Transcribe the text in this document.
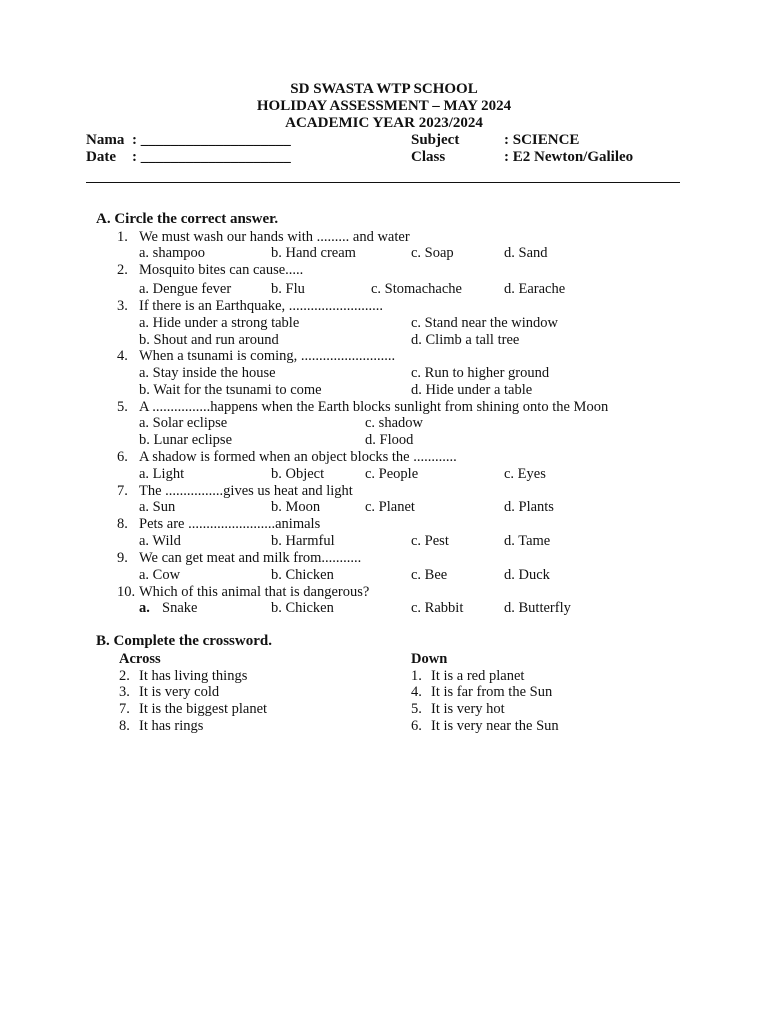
SD SWASTA WTP SCHOOL
HOLIDAY ASSESSMENT – MAY 2024
ACADEMIC YEAR 2023/2024
Nama : ____________________
Date : ____________________
Subject	: SCIENCE
Class	: E2 Newton/Galileo
A. Circle the correct answer.
1. We must wash our hands with ......... and water
a. shampoo	b. Hand cream	c. Soap	d. Sand
2. Mosquito bites can cause.....
a. Dengue fever	b. Flu	c. Stomachache	d. Earache
3. If there is an Earthquake, ..........................
a. Hide under a strong table	c. Stand near the window
b. Shout and run around	d. Climb a tall tree
4. When a tsunami is coming, ..........................
a. Stay inside the house	c. Run to higher ground
b. Wait for the tsunami to come	d. Hide under a table
5. A ................happens when the Earth blocks sunlight from shining onto the Moon
a. Solar eclipse	c. shadow
b. Lunar eclipse	d. Flood
6. A shadow is formed when an object blocks the ............
a. Light	b. Object	c. People	c. Eyes
7. The ................gives us heat and light
a. Sun	b. Moon	c. Planet	d. Plants
8. Pets are ........................animals
a. Wild	b. Harmful	c. Pest	d. Tame
9. We can get meat and milk from...........
a. Cow	b. Chicken	c. Bee	d. Duck
10. Which of this animal that is dangerous?
a. Snake	b. Chicken	c. Rabbit	d. Butterfly
B. Complete the crossword.
Across	Down
2. It has living things
3. It is very cold
7. It is the biggest planet
8. It has rings
1. It is a red planet
4. It is far from the Sun
5. It is very hot
6. It is very near the Sun
